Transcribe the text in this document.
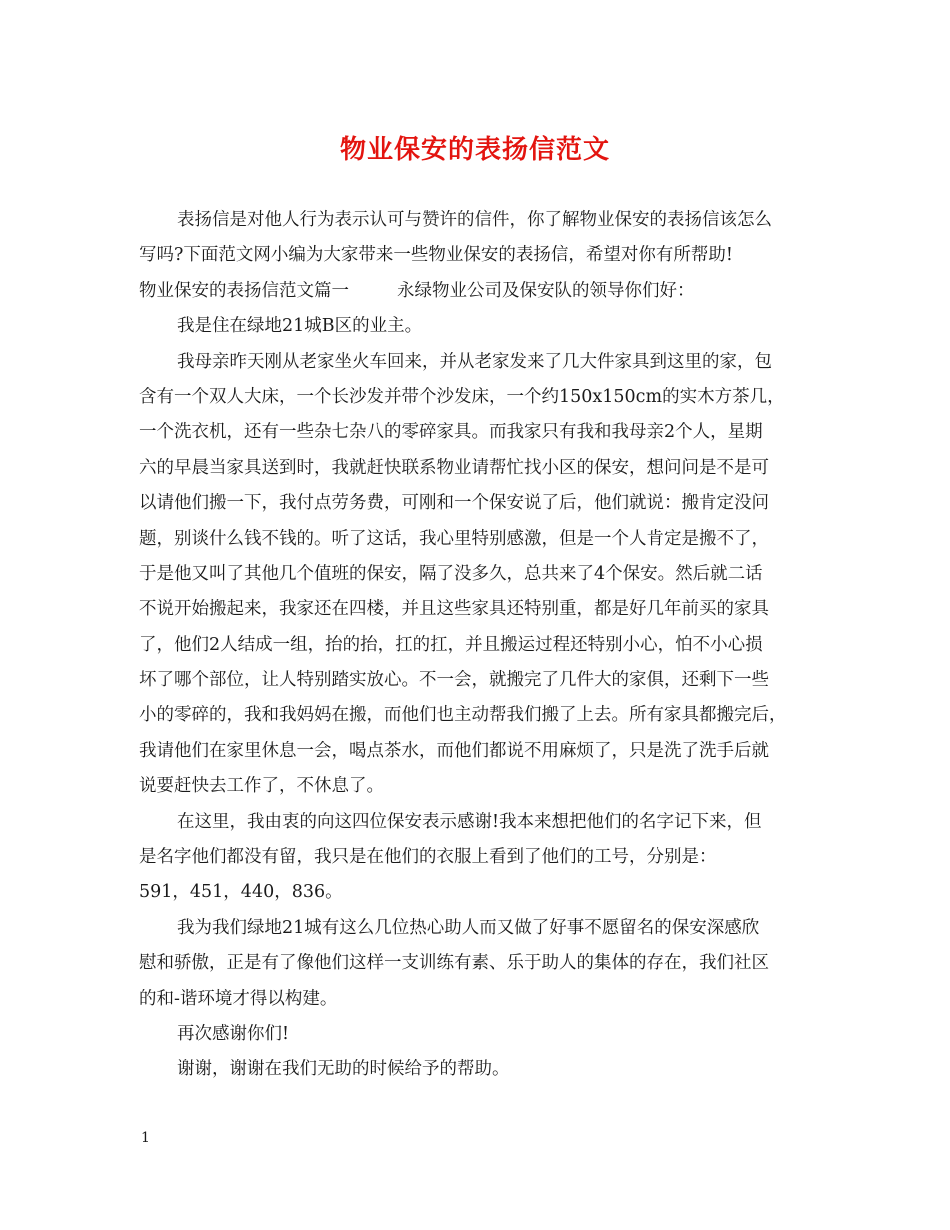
物业保安的表扬信范文
表扬信是对他人行为表示认可与赞许的信件，你了解物业保安的表扬信该怎么
写吗?下面范文网小编为大家带来一些物业保安的表扬信，希望对你有所帮助!
物业保安的表扬信范文篇一	永绿物业公司及保安队的领导你们好：
我是住在绿地21城B区的业主。
我母亲昨天刚从老家坐火车回来，并从老家发来了几大件家具到这里的家，包
含有一个双人大床，一个长沙发并带个沙发床，一个约150x150cm的实木方茶几，
一个洗衣机，还有一些杂七杂八的零碎家具。而我家只有我和我母亲2个人，星期
六的早晨当家具送到时，我就赶快联系物业请帮忙找小区的保安，想问问是不是可
以请他们搬一下，我付点劳务费，可刚和一个保安说了后，他们就说：搬肯定没问
题，别谈什么钱不钱的。听了这话，我心里特别感激，但是一个人肯定是搬不了，
于是他又叫了其他几个值班的保安，隔了没多久，总共来了4个保安。然后就二话
不说开始搬起来，我家还在四楼，并且这些家具还特别重，都是好几年前买的家具
了，他们2人结成一组，抬的抬，扛的扛，并且搬运过程还特别小心，怕不小心损
坏了哪个部位，让人特别踏实放心。不一会，就搬完了几件大的家俱，还剩下一些
小的零碎的，我和我妈妈在搬，而他们也主动帮我们搬了上去。所有家具都搬完后，
我请他们在家里休息一会，喝点茶水，而他们都说不用麻烦了，只是洗了洗手后就
说要赶快去工作了，不休息了。
在这里，我由衷的向这四位保安表示感谢!我本来想把他们的名字记下来，但
是名字他们都没有留，我只是在他们的衣服上看到了他们的工号，分别是：
591，451，440，836。
我为我们绿地21城有这么几位热心助人而又做了好事不愿留名的保安深感欣
慰和骄傲，正是有了像他们这样一支训练有素、乐于助人的集体的存在，我们社区
的和-谐环境才得以构建。
再次感谢你们!
谢谢，谢谢在我们无助的时候给予的帮助。
1
